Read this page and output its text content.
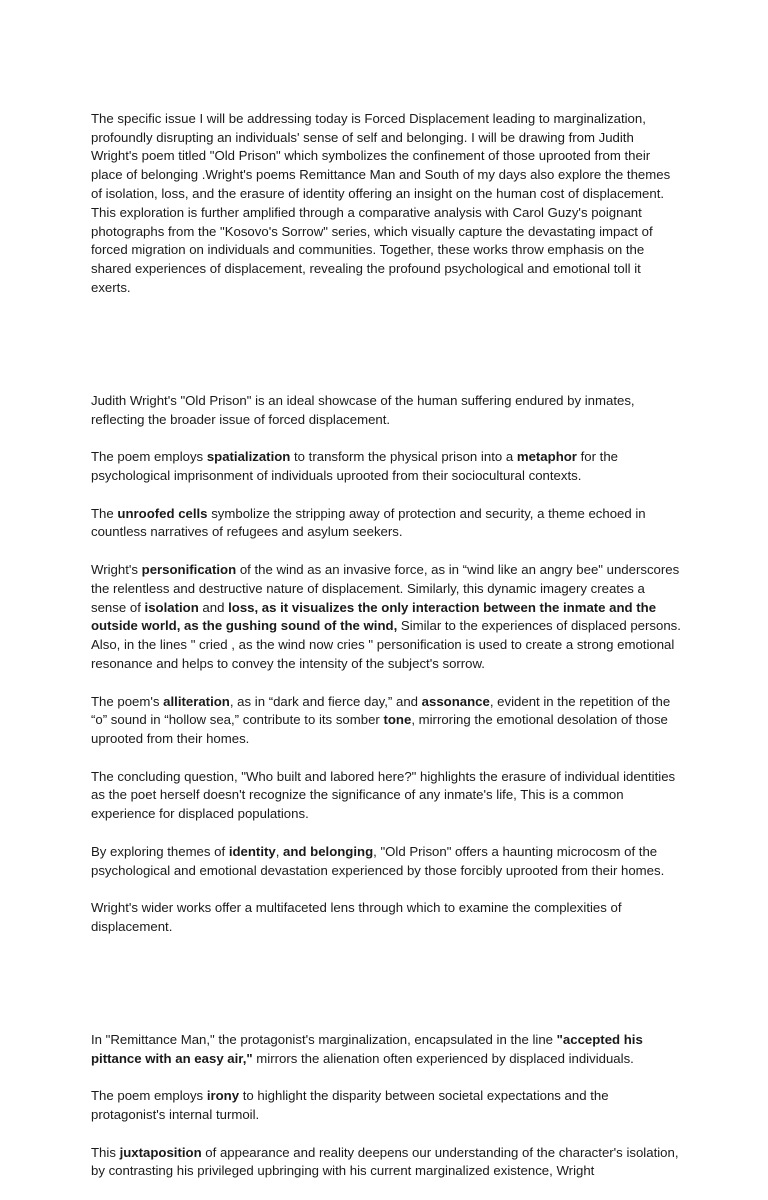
The specific issue I will be addressing today is Forced Displacement leading to marginalization, profoundly disrupting an individuals' sense of self and belonging. I will be drawing from Judith Wright's poem titled "Old Prison" which symbolizes the confinement of those uprooted from their place of belonging .Wright's poems Remittance Man and South of my days also explore the themes of isolation, loss, and the erasure of identity offering an insight on the human cost of displacement. This exploration is further amplified through a comparative analysis with Carol Guzy's poignant photographs from the "Kosovo's Sorrow" series, which visually capture the devastating impact of forced migration on individuals and communities. Together, these works throw emphasis on the shared experiences of displacement, revealing the profound psychological and emotional toll it exerts.

Judith Wright's "Old Prison" is an ideal showcase of the human suffering endured by inmates, reflecting the broader issue of forced displacement.

The poem employs spatialization to transform the physical prison into a metaphor for the psychological imprisonment of individuals uprooted from their sociocultural contexts.

The unroofed cells symbolize the stripping away of protection and security, a theme echoed in countless narratives of refugees and asylum seekers.

Wright's personification of the wind as an invasive force, as in “wind like an angry bee" underscores the relentless and destructive nature of displacement. Similarly, this dynamic imagery creates a sense of isolation and loss, as it visualizes the only interaction between the inmate and the outside world, as the gushing sound of the wind, Similar to the experiences of displaced persons. Also, in the lines " cried , as the wind now cries " personification is used to create a strong emotional resonance and helps to convey the intensity of the subject's sorrow.

The poem's alliteration, as in “dark and fierce day,” and assonance, evident in the repetition of the “o” sound in “hollow sea,” contribute to its somber tone, mirroring the emotional desolation of those uprooted from their homes.

The concluding question, "Who built and labored here?" highlights the erasure of individual identities as the poet herself doesn't recognize the significance of any inmate's life, This is a common experience for displaced populations.

By exploring themes of identity, and belonging, "Old Prison" offers a haunting microcosm of the psychological and emotional devastation experienced by those forcibly uprooted from their homes.

Wright's wider works offer a multifaceted lens through which to examine the complexities of displacement.

In "Remittance Man," the protagonist's marginalization, encapsulated in the line "accepted his pittance with an easy air," mirrors the alienation often experienced by displaced individuals.

The poem employs irony to highlight the disparity between societal expectations and the protagonist's internal turmoil.

This juxtaposition of appearance and reality deepens our understanding of the character's isolation, by contrasting his privileged upbringing with his current marginalized existence, Wright
